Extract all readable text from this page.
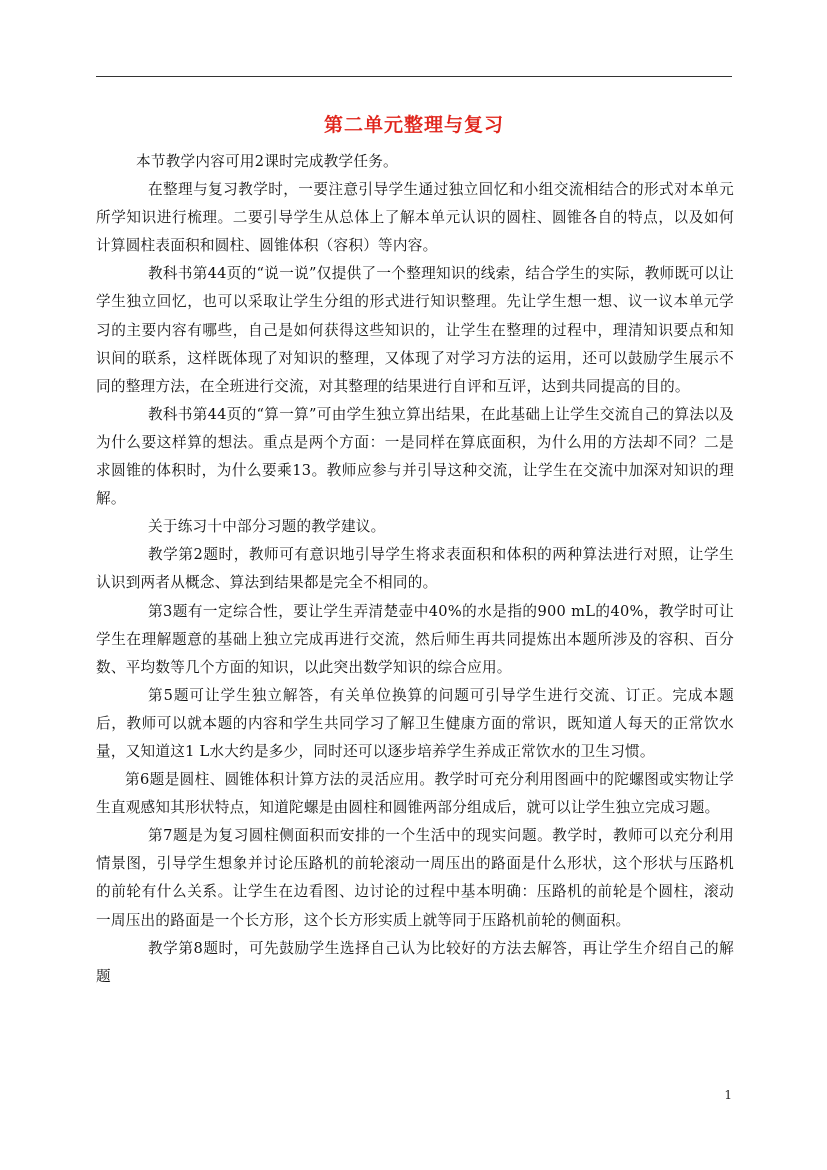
第二单元整理与复习

本节教学内容可用2课时完成教学任务。

在整理与复习教学时，一要注意引导学生通过独立回忆和小组交流相结合的形式对本单元所学知识进行梳理。二要引导学生从总体上了解本单元认识的圆柱、圆锥各自的特点，以及如何计算圆柱表面积和圆柱、圆锥体积（容积）等内容。

教科书第44页的“说一说”仅提供了一个整理知识的线索，结合学生的实际，教师既可以让学生独立回忆，也可以采取让学生分组的形式进行知识整理。先让学生想一想、议一议本单元学习的主要内容有哪些，自己是如何获得这些知识的，让学生在整理的过程中，理清知识要点和知识间的联系，这样既体现了对知识的整理，又体现了对学习方法的运用，还可以鼓励学生展示不同的整理方法，在全班进行交流，对其整理的结果进行自评和互评，达到共同提高的目的。

教科书第44页的“算一算”可由学生独立算出结果，在此基础上让学生交流自己的算法以及为什么要这样算的想法。重点是两个方面：一是同样在算底面积，为什么用的方法却不同？二是求圆锥的体积时，为什么要乘13。教师应参与并引导这种交流，让学生在交流中加深对知识的理解。

关于练习十中部分习题的教学建议。

教学第2题时，教师可有意识地引导学生将求表面积和体积的两种算法进行对照，让学生认识到两者从概念、算法到结果都是完全不相同的。

第3题有一定综合性，要让学生弄清楚壶中40%的水是指的900 mL的40%，教学时可让学生在理解题意的基础上独立完成再进行交流，然后师生再共同提炼出本题所涉及的容积、百分数、平均数等几个方面的知识，以此突出数学知识的综合应用。

第5题可让学生独立解答，有关单位换算的问题可引导学生进行交流、订正。完成本题后，教师可以就本题的内容和学生共同学习了解卫生健康方面的常识，既知道人每天的正常饮水量，又知道这1 L水大约是多少，同时还可以逐步培养学生养成正常饮水的卫生习惯。

第6题是圆柱、圆锥体积计算方法的灵活应用。教学时可充分利用图画中的陀螺图或实物让学生直观感知其形状特点，知道陀螺是由圆柱和圆锥两部分组成后，就可以让学生独立完成习题。

第7题是为复习圆柱侧面积而安排的一个生活中的现实问题。教学时，教师可以充分利用情景图，引导学生想象并讨论压路机的前轮滚动一周压出的路面是什么形状，这个形状与压路机的前轮有什么关系。让学生在边看图、边讨论的过程中基本明确：压路机的前轮是个圆柱，滚动一周压出的路面是一个长方形，这个长方形实质上就等同于压路机前轮的侧面积。

教学第8题时，可先鼓励学生选择自己认为比较好的方法去解答，再让学生介绍自己的解题

1
